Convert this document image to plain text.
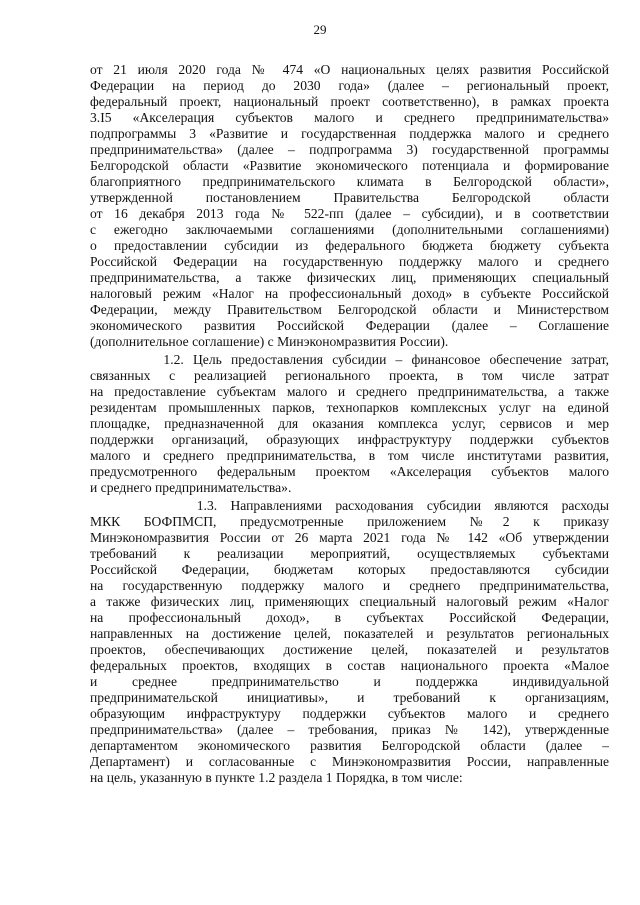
29
от 21 июля 2020 года № 474 «О национальных целях развития Российской
Федерации на период до 2030 года» (далее – региональный проект,
федеральный проект, национальный проект соответственно), в рамках проекта
3.I5 «Акселерация субъектов малого и среднего предпринимательства»
подпрограммы 3 «Развитие и государственная поддержка малого и среднего
предпринимательства» (далее – подпрограмма 3) государственной программы
Белгородской области «Развитие экономического потенциала и формирование
благоприятного предпринимательского климата в Белгородской области»,
утвержденной постановлением Правительства Белгородской области
от 16 декабря 2013 года № 522-пп (далее – субсидии), и в соответствии
с ежегодно заключаемыми соглашениями (дополнительными соглашениями)
о предоставлении субсидии из федерального бюджета бюджету субъекта
Российской Федерации на государственную поддержку малого и среднего
предпринимательства, а также физических лиц, применяющих специальный
налоговый режим «Налог на профессиональный доход» в субъекте Российской
Федерации, между Правительством Белгородской области и Министерством
экономического развития Российской Федерации (далее – Соглашение
(дополнительное соглашение) с Минэкономразвития России).
1.2. Цель предоставления субсидии – финансовое обеспечение затрат,
связанных с реализацией регионального проекта, в том числе затрат
на предоставление субъектам малого и среднего предпринимательства, а также
резидентам промышленных парков, технопарков комплексных услуг на единой
площадке, предназначенной для оказания комплекса услуг, сервисов и мер
поддержки организаций, образующих инфраструктуру поддержки субъектов
малого и среднего предпринимательства, в том числе институтами развития,
предусмотренного федеральным проектом «Акселерация субъектов малого
и среднего предпринимательства».
1.3. Направлениями расходования субсидии являются расходы
МКК БОФПМСП, предусмотренные приложением №2 к приказу
Минэкономразвития России от 26 марта 2021 года № 142 «Об утверждении
требований к реализации мероприятий, осуществляемых субъектами
Российской Федерации, бюджетам которых предоставляются субсидии
на государственную поддержку малого и среднего предпринимательства,
а также физических лиц, применяющих специальный налоговый режим «Налог
на профессиональный доход», в субъектах Российской Федерации,
направленных на достижение целей, показателей и результатов региональных
проектов, обеспечивающих достижение целей, показателей и результатов
федеральных проектов, входящих в состав национального проекта «Малое
и среднее предпринимательство и поддержка индивидуальной
предпринимательской инициативы», и требований к организациям,
образующим инфраструктуру поддержки субъектов малого и среднего
предпринимательства» (далее – требования, приказ № 142), утвержденные
департаментом экономического развития Белгородской области (далее –
Департамент) и согласованные с Минэкономразвития России, направленные
на цель, указанную в пункте 1.2 раздела 1 Порядка, в том числе:
